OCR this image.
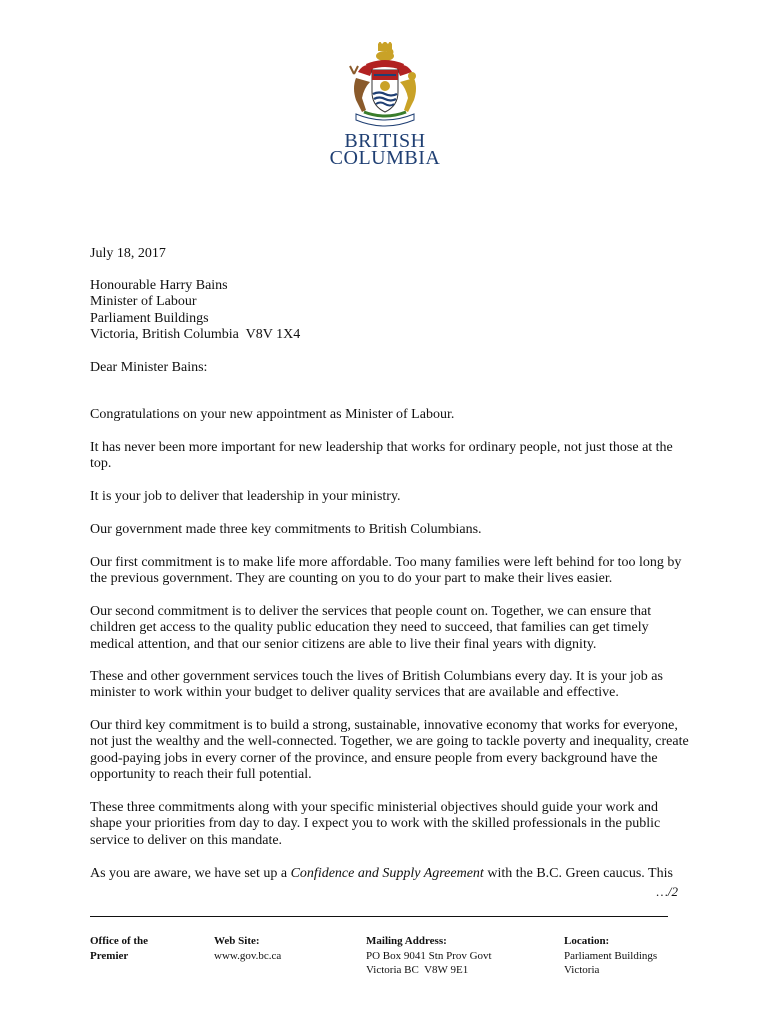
BRITISH
COLUMBIA
July 18, 2017

Honourable Harry Bains

Minister of Labour

Parliament Buildings

Victoria, British Columbia  V8V 1X4

Dear Minister Bains:

Congratulations on your new appointment as Minister of Labour.

It has never been more important for new leadership that works for ordinary people, not just those at the top.

It is your job to deliver that leadership in your ministry.

Our government made three key commitments to British Columbians.

Our first commitment is to make life more affordable. Too many families were left behind for too long by the previous government. They are counting on you to do your part to make their lives easier.

Our second commitment is to deliver the services that people count on. Together, we can ensure that children get access to the quality public education they need to succeed, that families can get timely medical attention, and that our senior citizens are able to live their final years with dignity.

These and other government services touch the lives of British Columbians every day. It is your job as minister to work within your budget to deliver quality services that are available and effective.

Our third key commitment is to build a strong, sustainable, innovative economy that works for everyone, not just the wealthy and the well-connected. Together, we are going to tackle poverty and inequality, create good-paying jobs in every corner of the province, and ensure people from every background have the opportunity to reach their full potential.

These three commitments along with your specific ministerial objectives should guide your work and shape your priorities from day to day. I expect you to work with the skilled professionals in the public service to deliver on this mandate.

As you are aware, we have set up a Confidence and Supply Agreement with the B.C. Green caucus. This

…/2
Office of the
Premier
Web Site:
www.gov.bc.ca
Mailing Address:
PO Box 9041 Stn Prov Govt
Victoria BC  V8W 9E1
Location:
Parliament Buildings
Victoria
